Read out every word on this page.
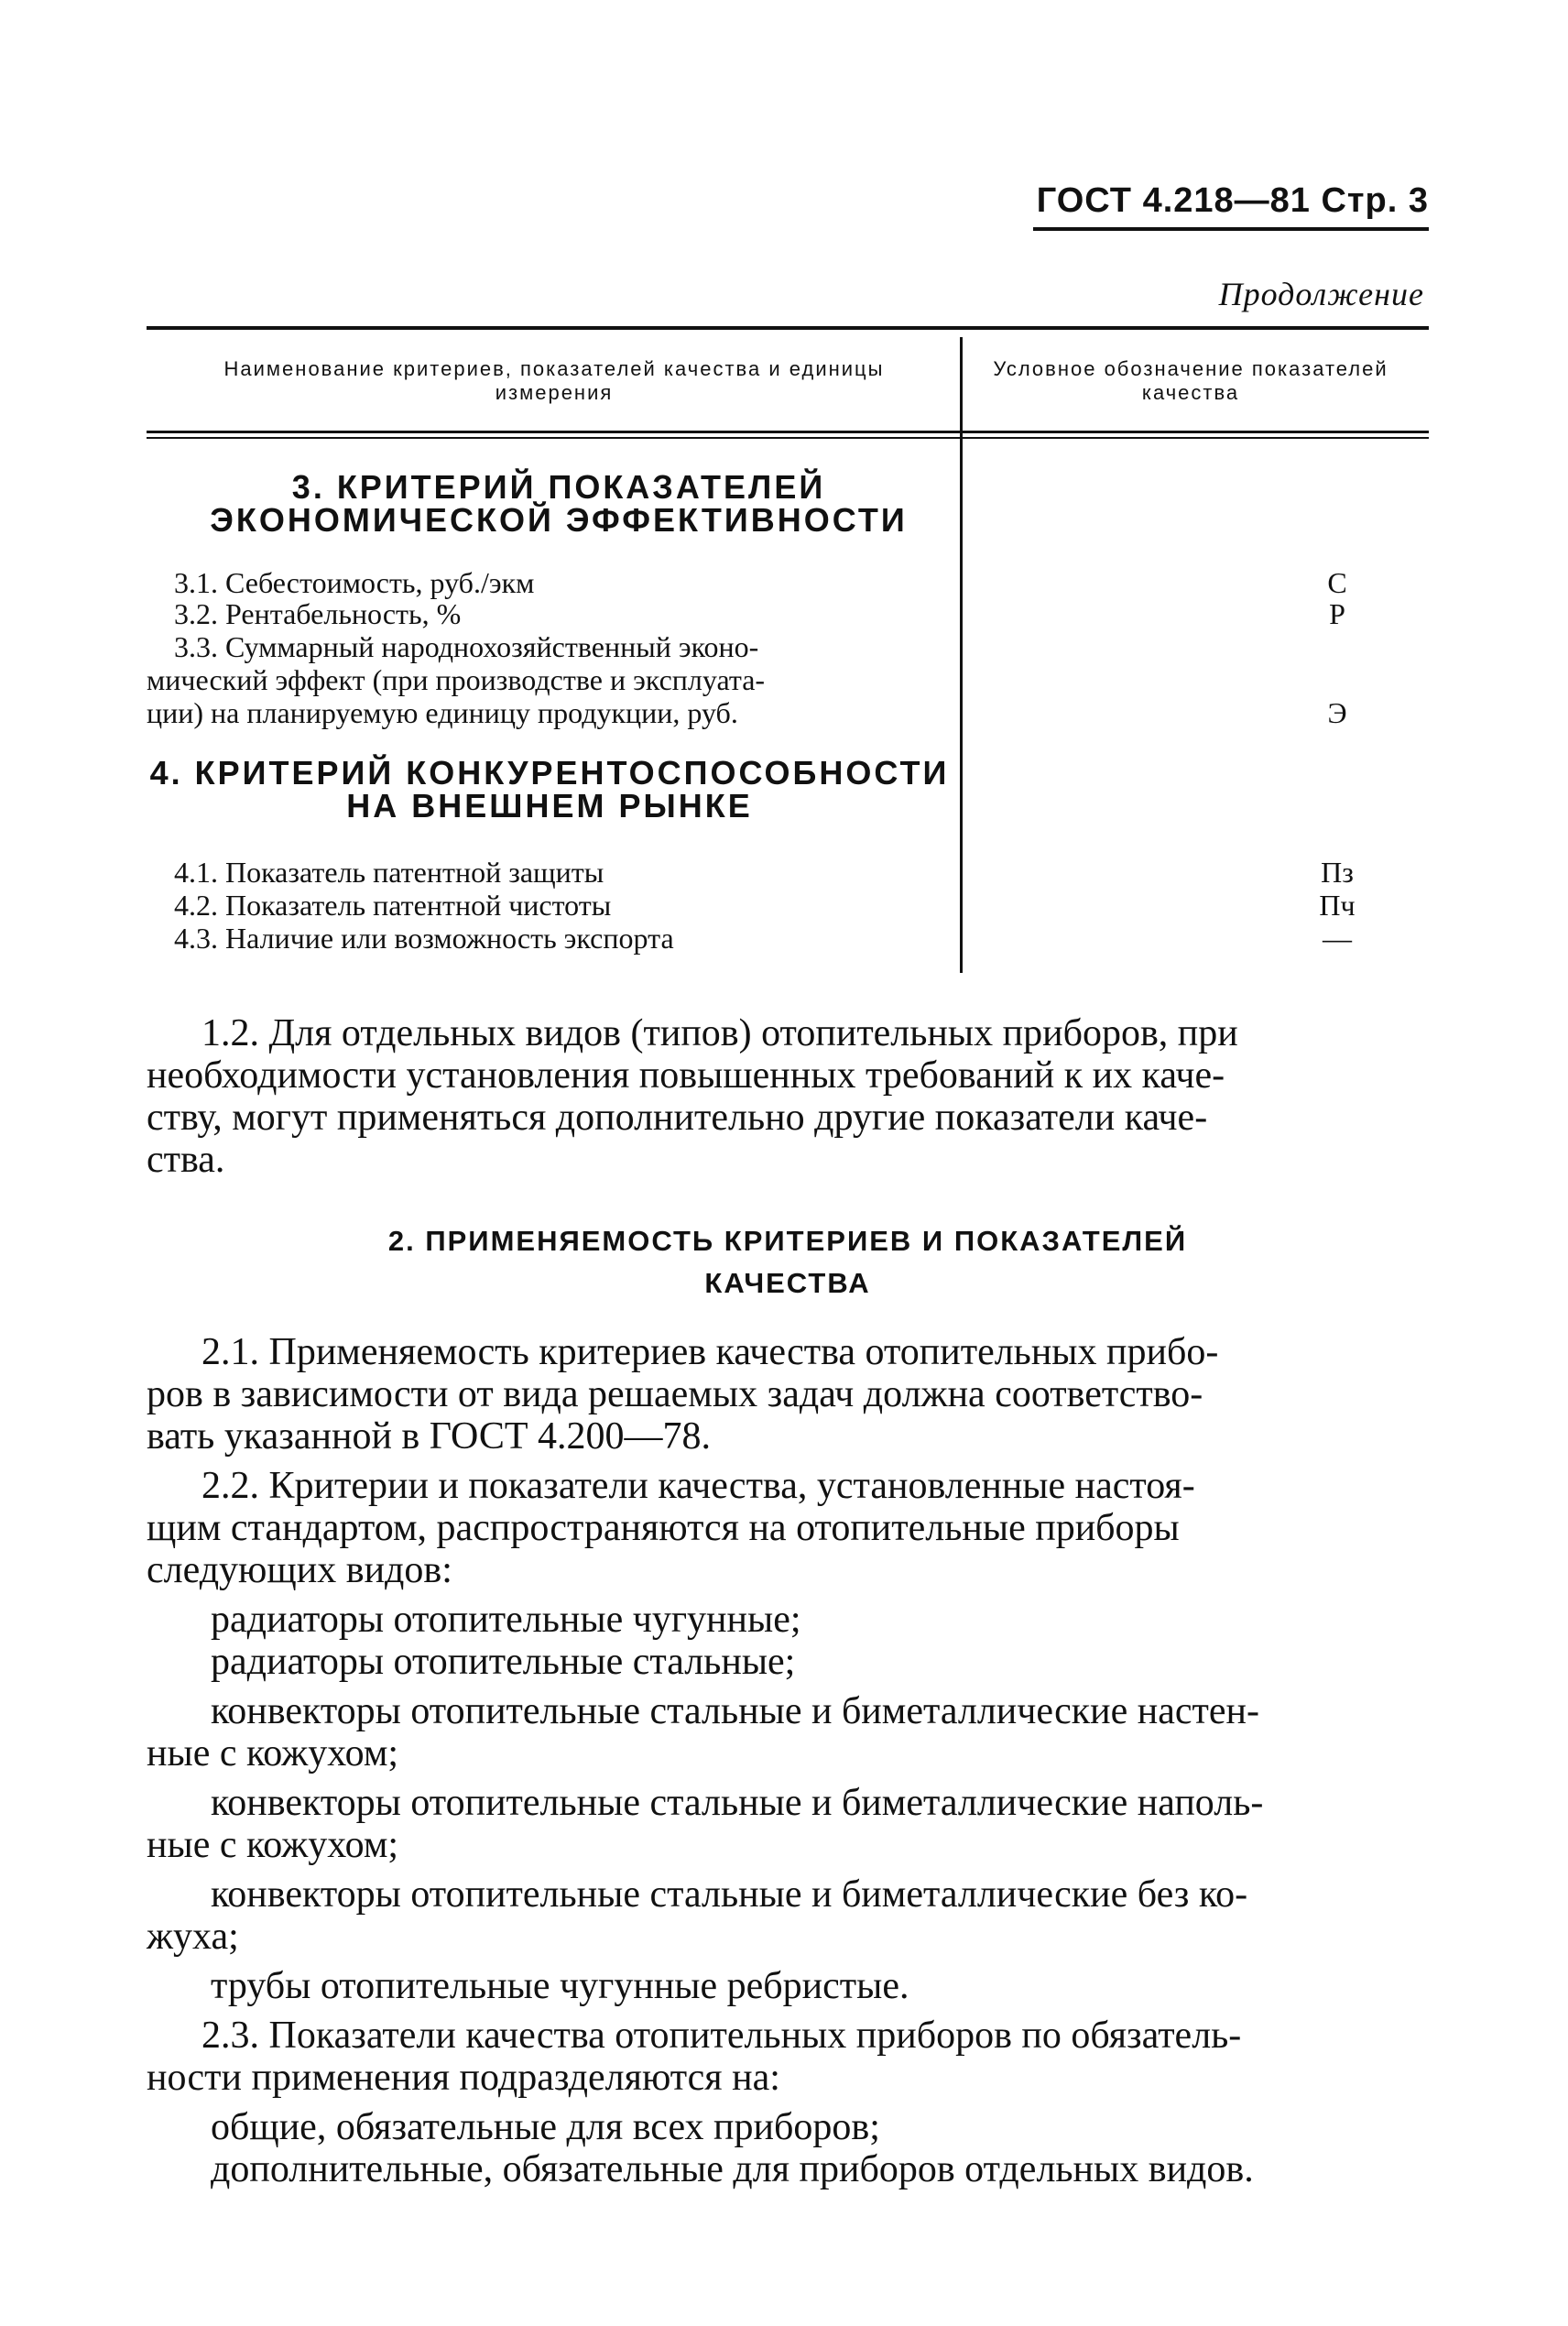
ГОСТ 4.218—81 Стр. 3
Продолжение
Наименование критериев, показателей качества и единицы измерения
Условное обозначение показателей качества
3. КРИТЕРИЙ ПОКАЗАТЕЛЕЙ
ЭКОНОМИЧЕСКОЙ ЭФФЕКТИВНОСТИ
3.1. Себестоимость, руб./экм	С
3.2. Рентабельность, %	Р
3.3. Суммарный народнохозяйственный эконо-
мический эффект (при производстве и эксплуата-
ции) на планируемую единицу продукции, руб.	Э
4. КРИТЕРИЙ КОНКУРЕНТОСПОСОБНОСТИ
НА ВНЕШНЕМ РЫНКЕ
4.1. Показатель патентной защиты	Пз
4.2. Показатель патентной чистоты	Пч
4.3. Наличие или возможность экспорта	—
1.2. Для отдельных видов (типов) отопительных приборов, при
необходимости установления повышенных требований к их каче-
ству, могут применяться дополнительно другие показатели каче-
ства.
2. ПРИМЕНЯЕМОСТЬ КРИТЕРИЕВ И ПОКАЗАТЕЛЕЙ
КАЧЕСТВА
2.1. Применяемость критериев качества отопительных прибо-
ров в зависимости от вида решаемых задач должна соответство-
вать указанной в ГОСТ 4.200—78.
2.2. Критерии и показатели качества, установленные настоя-
щим стандартом, распространяются на отопительные приборы
следующих видов:
радиаторы отопительные чугунные;
радиаторы отопительные стальные;
конвекторы отопительные стальные и биметаллические настен-
ные с кожухом;
конвекторы отопительные стальные и биметаллические наполь-
ные с кожухом;
конвекторы отопительные стальные и биметаллические без ко-
жуха;
трубы отопительные чугунные ребристые.
2.3. Показатели качества отопительных приборов по обязатель-
ности применения подразделяются на:
общие, обязательные для всех приборов;
дополнительные, обязательные для приборов отдельных видов.
